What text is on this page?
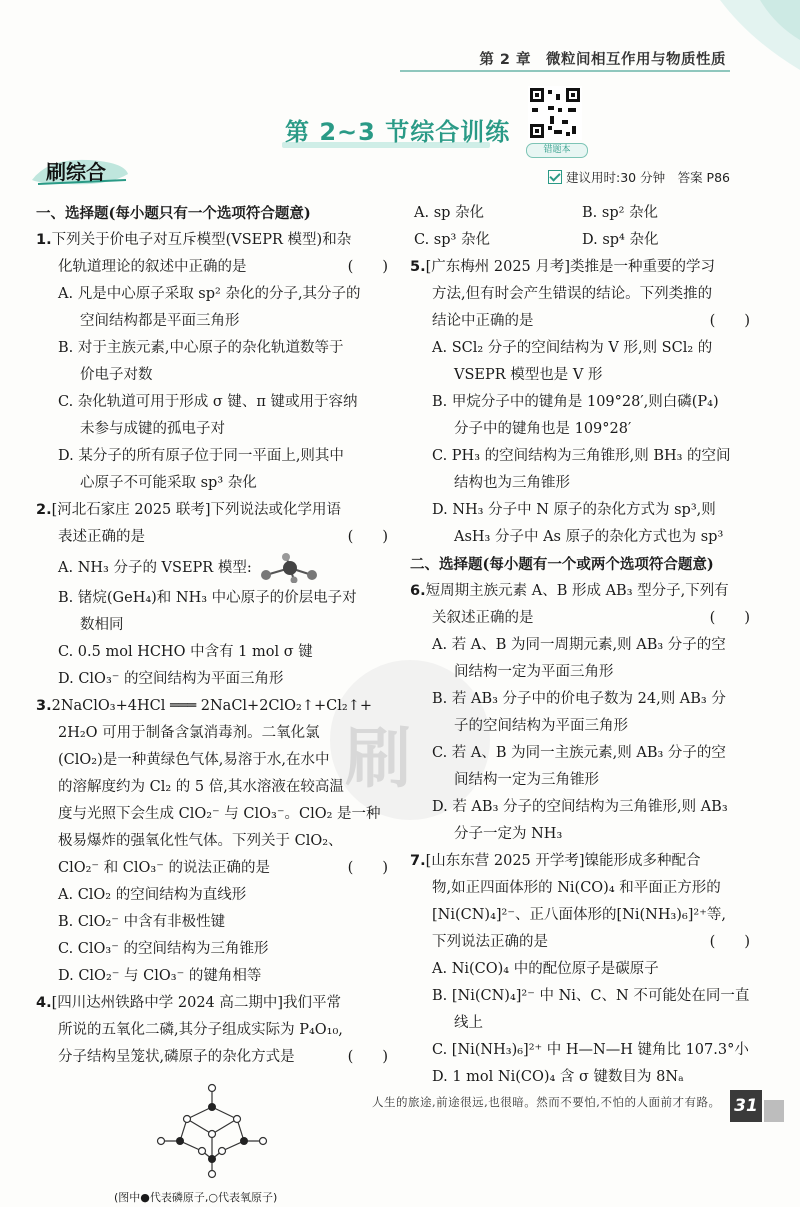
第 2 章　微粒间相互作用与物质性质
第 2~3 节综合训练
错题本
刷综合	建议用时:30 分钟　答案 P86
刷

一、选择题(每小题只有一个选项符合题意)

1.下列关于价电子对互斥模型(VSEPR 模型)和杂

化轨道理论的叙述中正确的是	(　　)

A. 凡是中心原子采取 sp² 杂化的分子,其分子的

空间结构都是平面三角形

B. 对于主族元素,中心原子的杂化轨道数等于

价电子对数

C. 杂化轨道可用于形成 σ 键、π 键或用于容纳

未参与成键的孤电子对

D. 某分子的所有原子位于同一平面上,则其中

心原子不可能采取 sp³ 杂化

2.[河北石家庄 2025 联考]下列说法或化学用语

表述正确的是	(　　)

A. NH₃ 分子的 VSEPR 模型:

B. 锗烷(GeH₄)和 NH₃ 中心原子的价层电子对

数相同

C. 0.5 mol HCHO 中含有 1 mol σ 键

D. ClO₃⁻ 的空间结构为平面三角形

3.2NaClO₃+4HCl ═══ 2NaCl+2ClO₂↑+Cl₂↑+

2H₂O 可用于制备含氯消毒剂。二氧化氯

(ClO₂)是一种黄绿色气体,易溶于水,在水中

的溶解度约为 Cl₂ 的 5 倍,其水溶液在较高温

度与光照下会生成 ClO₂⁻ 与 ClO₃⁻。ClO₂ 是一种

极易爆炸的强氧化性气体。下列关于 ClO₂、

ClO₂⁻ 和 ClO₃⁻ 的说法正确的是	(　　)

A. ClO₂ 的空间结构为直线形

B. ClO₂⁻ 中含有非极性键

C. ClO₃⁻ 的空间结构为三角锥形

D. ClO₂⁻ 与 ClO₃⁻ 的键角相等

4.[四川达州铁路中学 2024 高二期中]我们平常

所说的五氧化二磷,其分子组成实际为 P₄O₁₀,

分子结构呈笼状,磷原子的杂化方式是	(　　)

(图中●代表磷原子,○代表氧原子)

A. sp 杂化	B. sp² 杂化
C. sp³ 杂化	D. sp⁴ 杂化

5.[广东梅州 2025 月考]类推是一种重要的学习

方法,但有时会产生错误的结论。下列类推的

结论中正确的是	(　　)

A. SCl₂ 分子的空间结构为 V 形,则 SCl₂ 的

VSEPR 模型也是 V 形

B. 甲烷分子中的键角是 109°28′,则白磷(P₄)

分子中的键角也是 109°28′

C. PH₃ 的空间结构为三角锥形,则 BH₃ 的空间

结构也为三角锥形

D. NH₃ 分子中 N 原子的杂化方式为 sp³,则

AsH₃ 分子中 As 原子的杂化方式也为 sp³

二、选择题(每小题有一个或两个选项符合题意)

6.短周期主族元素 A、B 形成 AB₃ 型分子,下列有

关叙述正确的是	(　　)

A. 若 A、B 为同一周期元素,则 AB₃ 分子的空

间结构一定为平面三角形

B. 若 AB₃ 分子中的价电子数为 24,则 AB₃ 分

子的空间结构为平面三角形

C. 若 A、B 为同一主族元素,则 AB₃ 分子的空

间结构一定为三角锥形

D. 若 AB₃ 分子的空间结构为三角锥形,则 AB₃

分子一定为 NH₃

7.[山东东营 2025 开学考]镍能形成多种配合

物,如正四面体形的 Ni(CO)₄ 和平面正方形的

[Ni(CN)₄]²⁻、正八面体形的[Ni(NH₃)₆]²⁺等,

下列说法正确的是	(　　)

A. Ni(CO)₄ 中的配位原子是碳原子

B. [Ni(CN)₄]²⁻ 中 Ni、C、N 不可能处在同一直

线上

C. [Ni(NH₃)₆]²⁺ 中 H—N—H 键角比 107.3°小

D. 1 mol Ni(CO)₄ 含 σ 键数目为 8Nₐ

人生的旅途,前途很远,也很暗。然而不要怕,不怕的人面前才有路。 31
